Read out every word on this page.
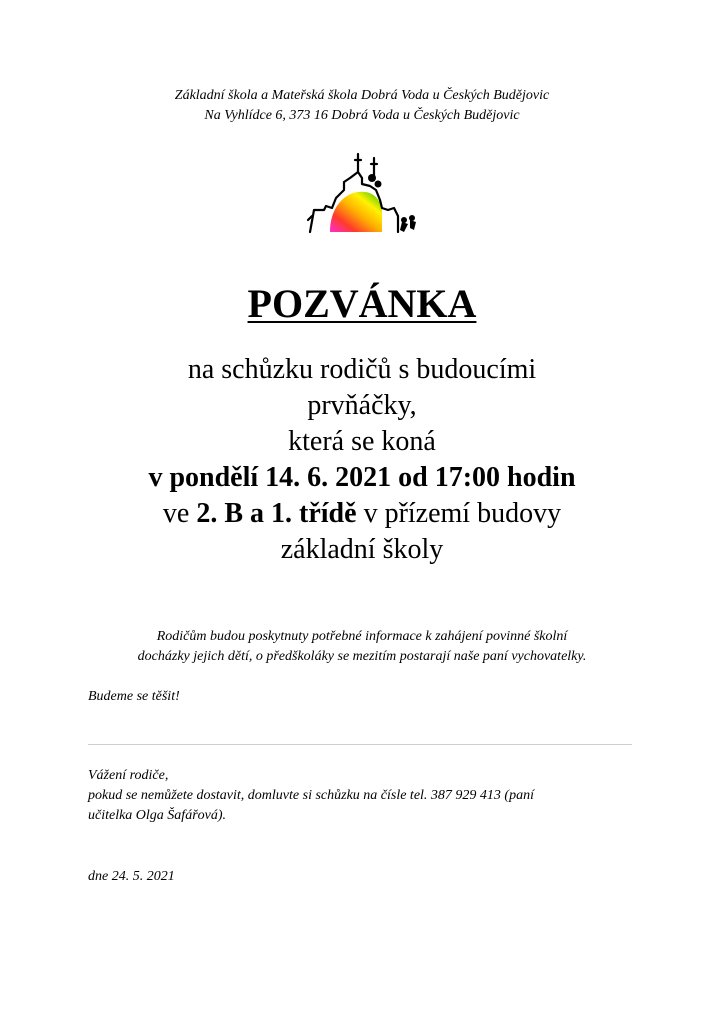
Základní škola a Mateřská škola Dobrá Voda u Českých Budějovic
Na Vyhlídce 6, 373 16 Dobrá Voda u Českých Budějovic
POZVÁNKA
na schůzku rodičů s budoucími
prvňáčky,
která se koná
v pondělí 14. 6. 2021 od 17:00 hodin
ve 2. B a 1. třídě v přízemí budovy
základní školy
Rodičům budou poskytnuty potřebné informace k zahájení povinné školní
docházky jejich dětí, o předškoláky se mezitím postarají naše paní vychovatelky.
Budeme se těšit!
Vážení rodiče,
pokud se nemůžete dostavit, domluvte si schůzku na čísle tel. 387 929 413 (paní
učitelka Olga Šafářová).
dne 24. 5. 2021
